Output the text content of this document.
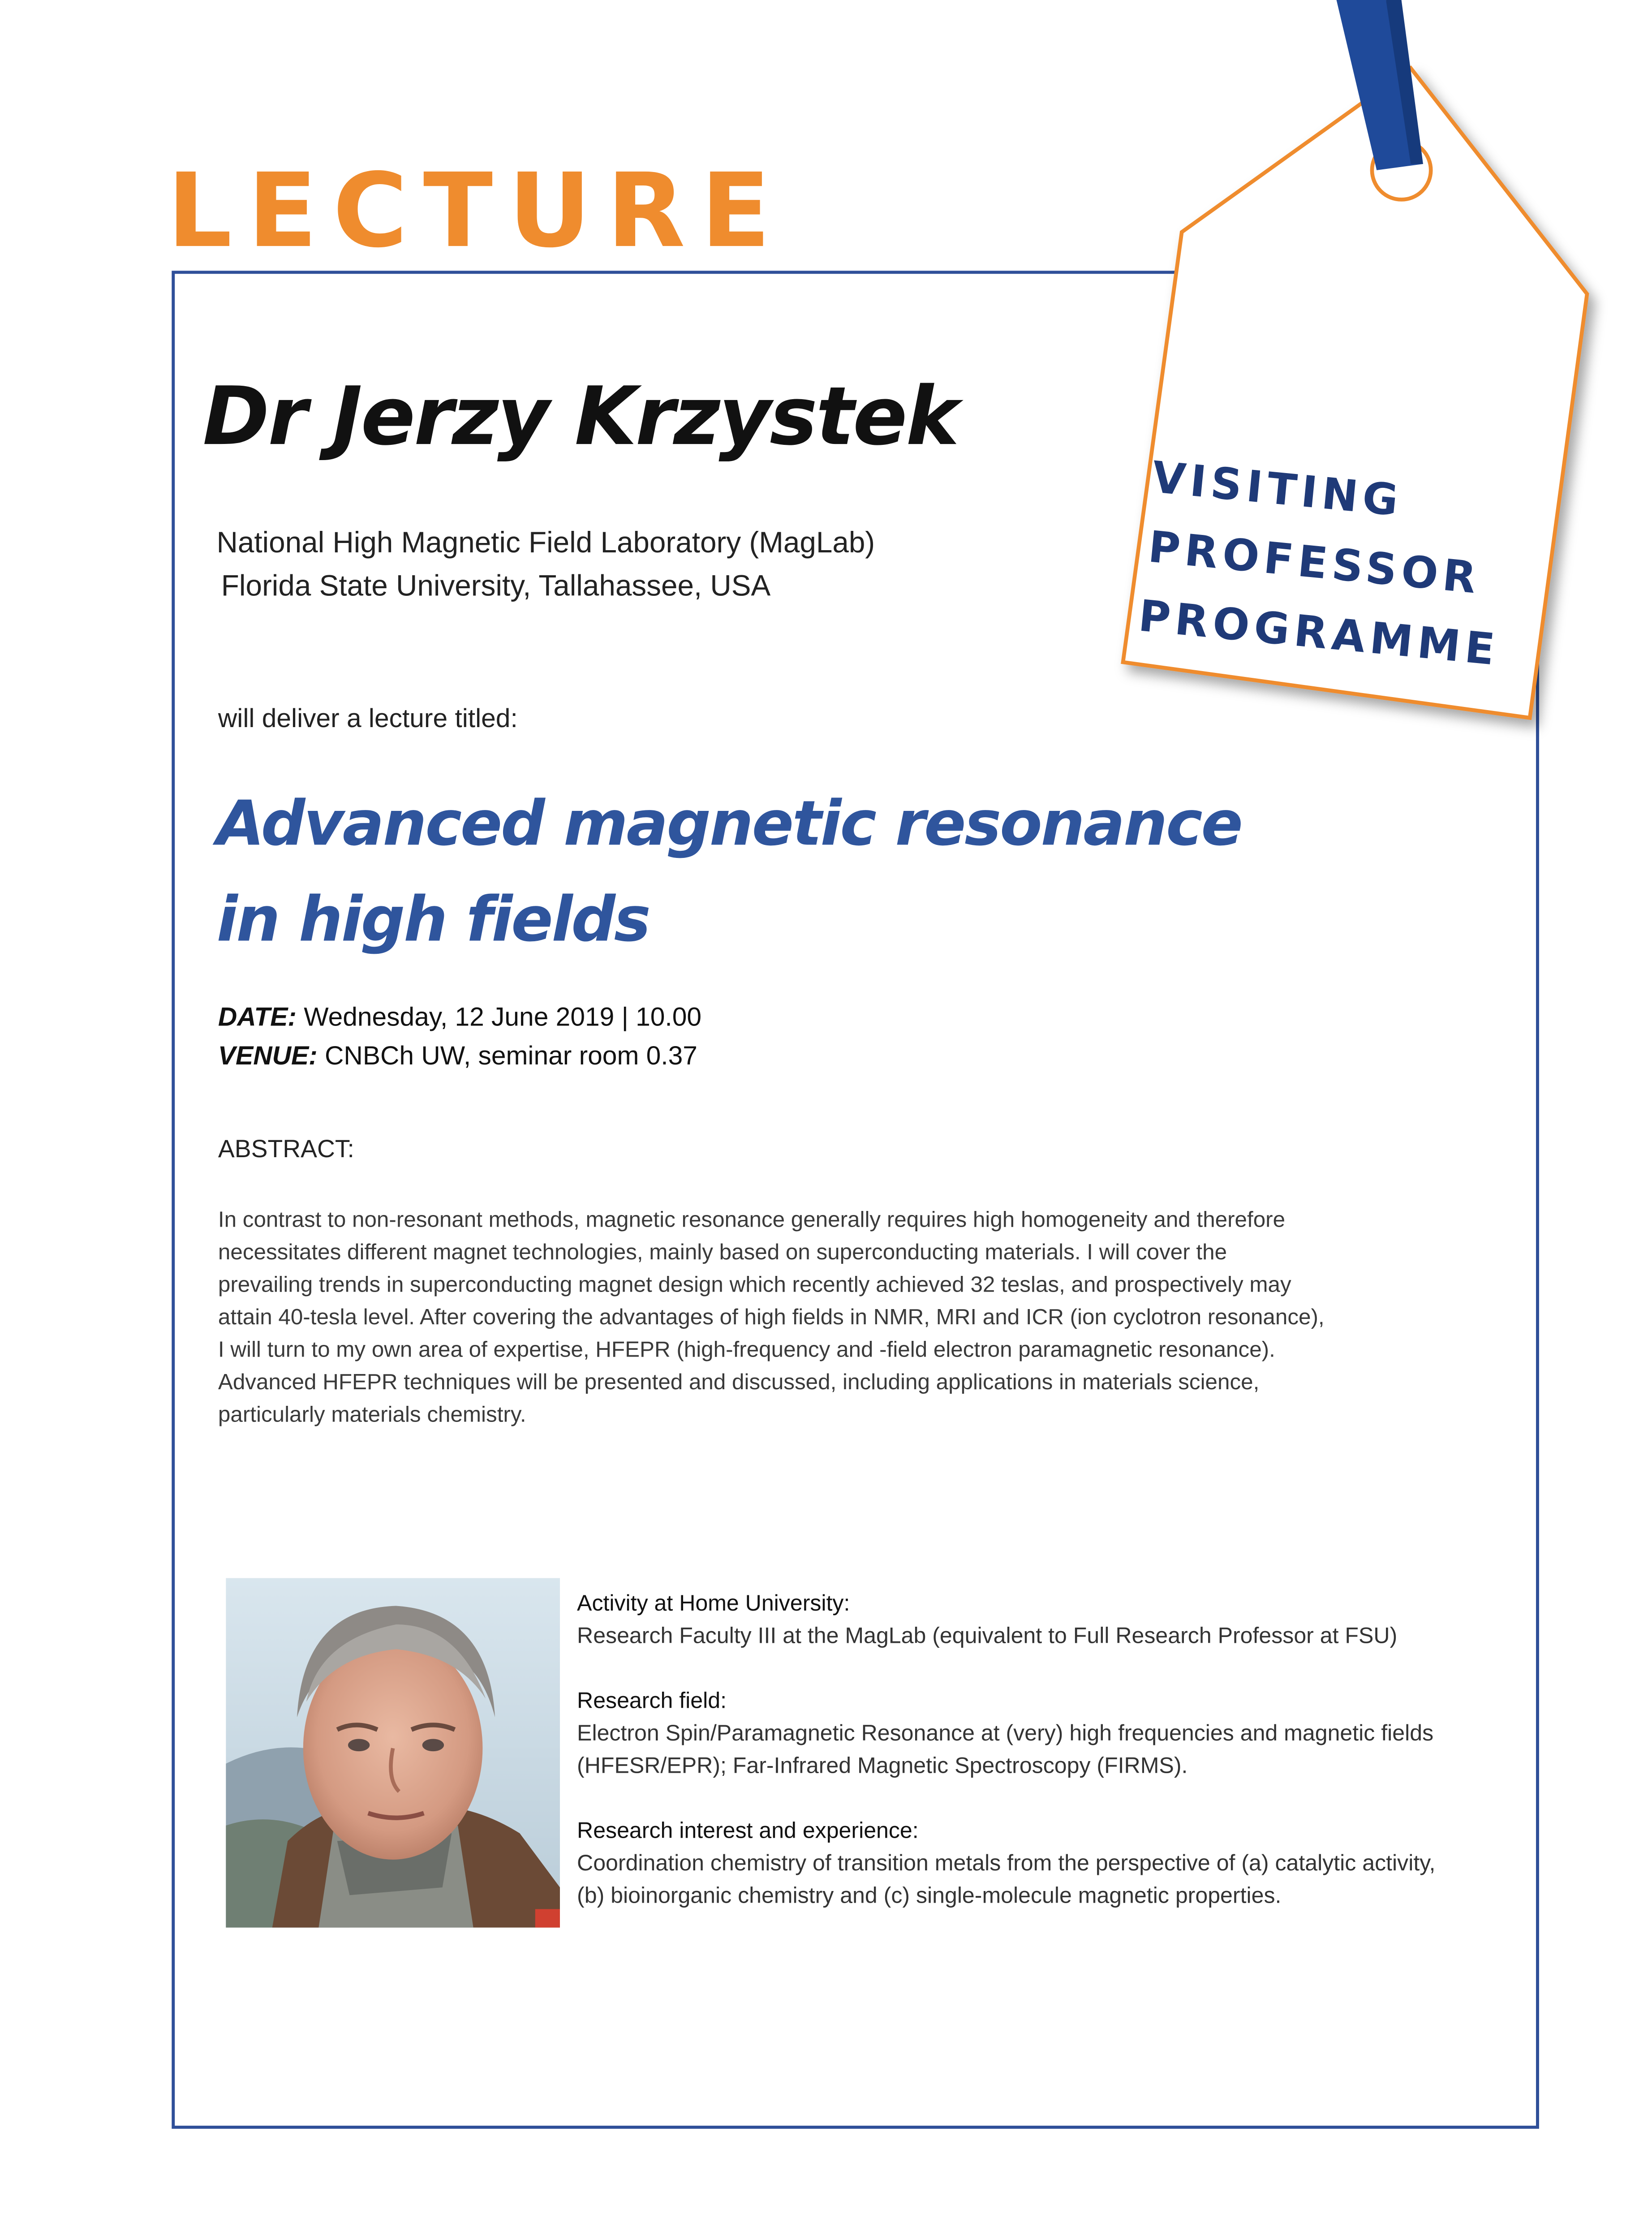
LECTURE
Dr Jerzy Krzystek
National High Magnetic Field Laboratory (MagLab)
Florida State University, Tallahassee, USA
will deliver a lecture titled:
Advanced magnetic resonance
in high fields
DATE: Wednesday, 12 June 2019 | 10.00
VENUE: CNBCh UW, seminar room 0.37
ABSTRACT:
In contrast to non-resonant methods, magnetic resonance generally requires high homogeneity and therefore
necessitates different magnet technologies, mainly based on superconducting materials. I will cover the
prevailing trends in superconducting magnet design which recently achieved 32 teslas, and prospectively may
attain 40-tesla level. After covering the advantages of high fields in NMR, MRI and ICR (ion cyclotron resonance),
I will turn to my own area of expertise, HFEPR (high-frequency and -field electron paramagnetic resonance).
Advanced HFEPR techniques will be presented and discussed, including applications in materials science,
particularly materials chemistry.
Activity at Home University:
Research Faculty III at the MagLab (equivalent to Full Research Professor at FSU)
Research field:
Electron Spin/Paramagnetic Resonance at (very) high frequencies and magnetic fields
(HFESR/EPR); Far-Infrared Magnetic Spectroscopy (FIRMS).
Research interest and experience:
Coordination chemistry of transition metals from the perspective of (a) catalytic activity,
(b) bioinorganic chemistry and (c) single-molecule magnetic properties.
VISITING
PROFESSOR
PROGRAMME
